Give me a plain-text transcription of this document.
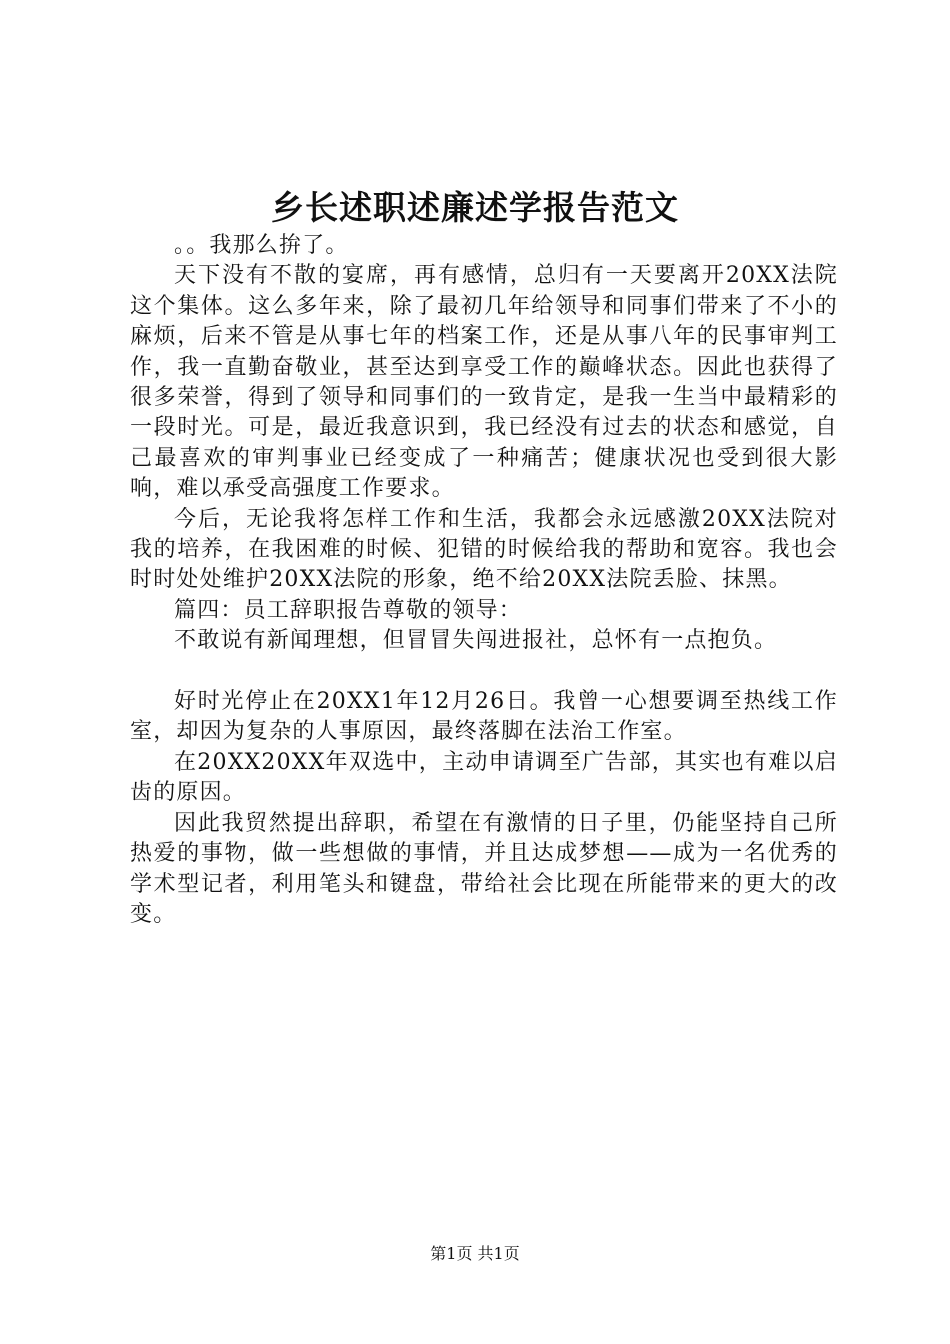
乡长述职述廉述学报告范文

。。我那么拚了。

天下没有不散的宴席，再有感情，总归有一天要离开20XX法院这个集体。这么多年来，除了最初几年给领导和同事们带来了不小的麻烦，后来不管是从事七年的档案工作，还是从事八年的民事审判工作，我一直勤奋敬业，甚至达到享受工作的巅峰状态。因此也获得了很多荣誉，得到了领导和同事们的一致肯定，是我一生当中最精彩的一段时光。可是，最近我意识到，我已经没有过去的状态和感觉，自己最喜欢的审判事业已经变成了一种痛苦；健康状况也受到很大影响，难以承受高强度工作要求。

今后，无论我将怎样工作和生活，我都会永远感激20XX法院对我的培养，在我困难的时候、犯错的时候给我的帮助和宽容。我也会时时处处维护20XX法院的形象，绝不给20XX法院丢脸、抹黑。

篇四：员工辞职报告尊敬的领导：

不敢说有新闻理想，但冒冒失闯进报社，总怀有一点抱负。

好时光停止在20XX1年12月26日。我曾一心想要调至热线工作室，却因为复杂的人事原因，最终落脚在法治工作室。

在20XX20XX年双选中，主动申请调至广告部，其实也有难以启齿的原因。

因此我贸然提出辞职，希望在有激情的日子里，仍能坚持自己所热爱的事物，做一些想做的事情，并且达成梦想——成为一名优秀的学术型记者，利用笔头和键盘，带给社会比现在所能带来的更大的改变。

第1页 共1页
